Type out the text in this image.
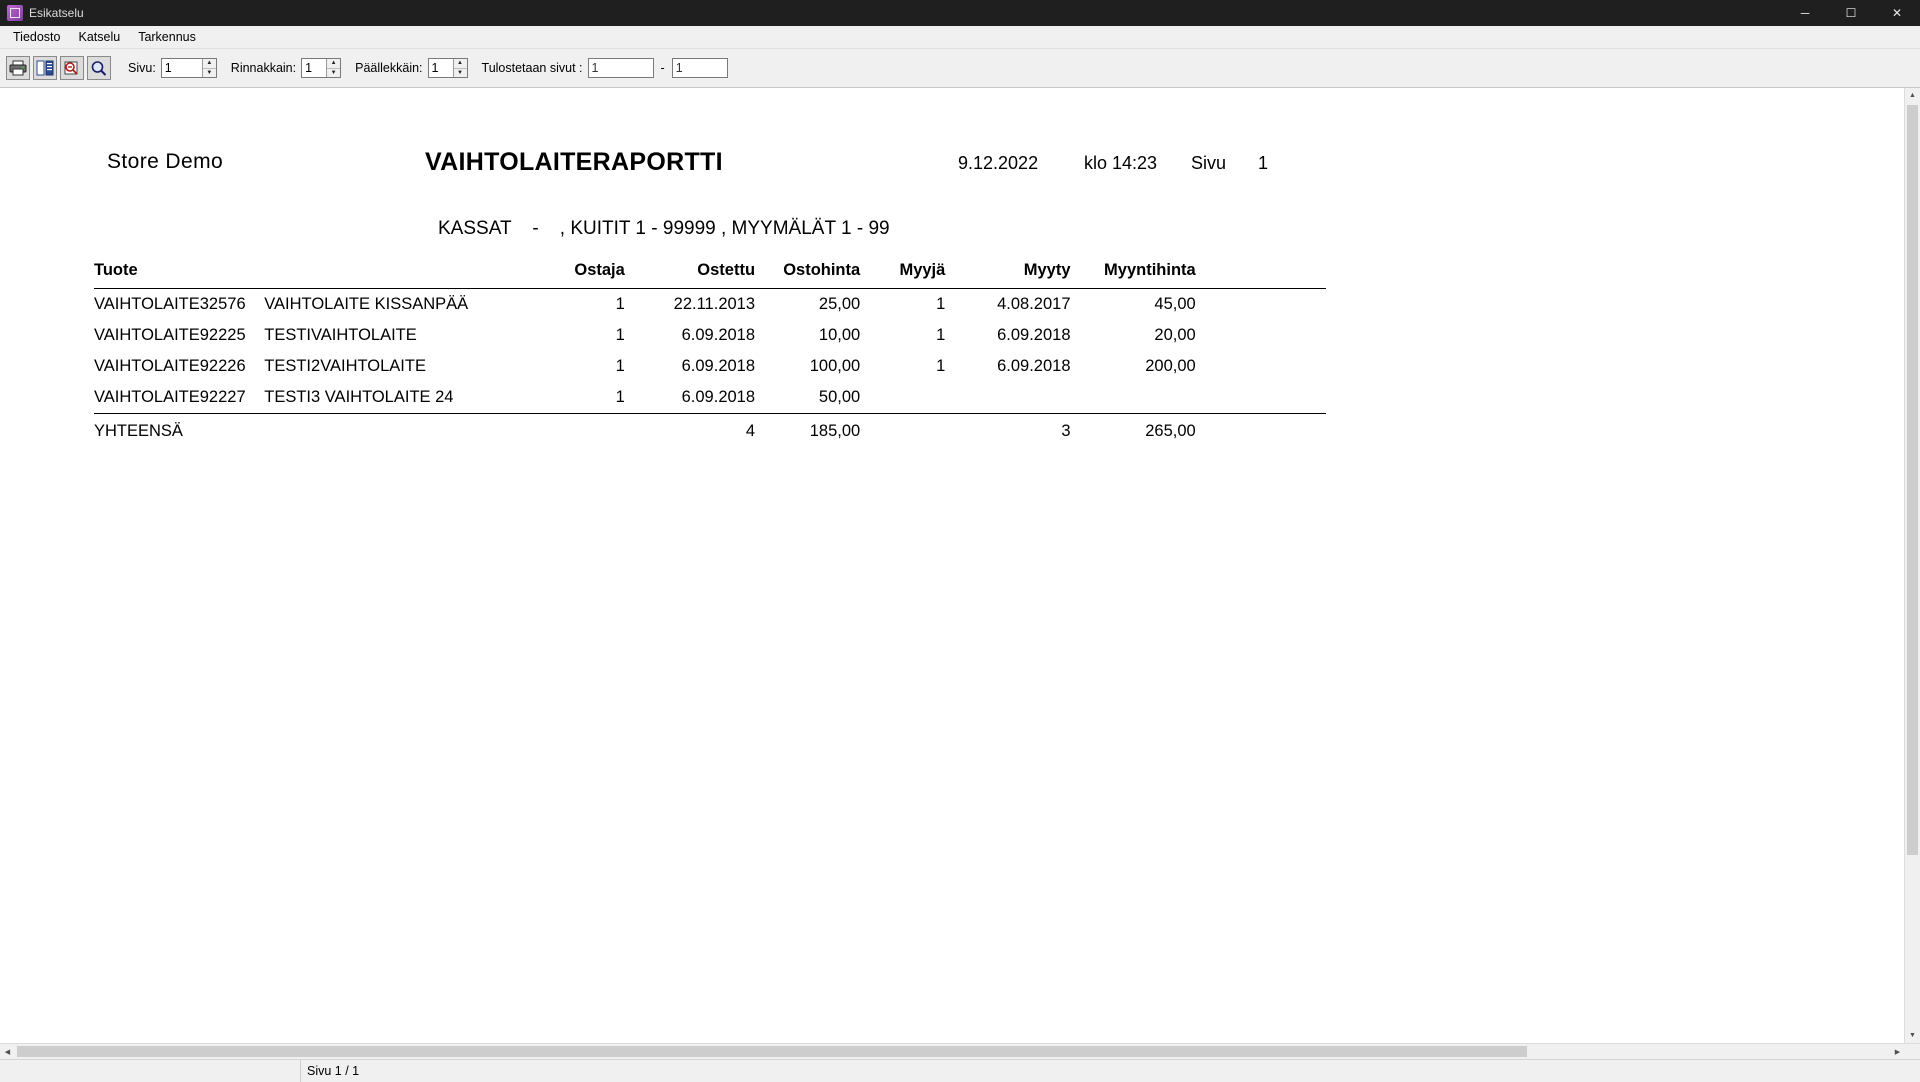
Esikatselu	─	☐	✕
Tiedosto	Katselu	Tarkennus
Sivu:
1	▲
▼ Rinnakkain:
1	▲
▼ Päällekkäin:
1	▲
▼ Tulostetaan sivut :
1	-
1
Store Demo	VAIHTOLAITERAPORTTI	9.12.2022	klo 14:23 Sivu 1
KASSAT    -    , KUITIT 1 - 99999 , MYYMÄLÄT 1 - 99
Tuote		Ostaja	Ostettu	Ostohinta	Myyjä	Myyty	Myyntihinta	
VAIHTOLAITE32576	VAIHTOLAITE KISSANPÄÄ	1	22.11.2013	25,00	1	4.08.2017	45,00	
VAIHTOLAITE92225	TESTIVAIHTOLAITE	1	6.09.2018	10,00	1	6.09.2018	20,00	
VAIHTOLAITE92226	TESTI2VAIHTOLAITE	1	6.09.2018	100,00	1	6.09.2018	200,00	
VAIHTOLAITE92227	TESTI3 VAIHTOLAITE 24	1	6.09.2018	50,00				
YHTEENSÄ			4	185,00		3	265,00	
▲
▼
◀	▶
Sivu 1 / 1
